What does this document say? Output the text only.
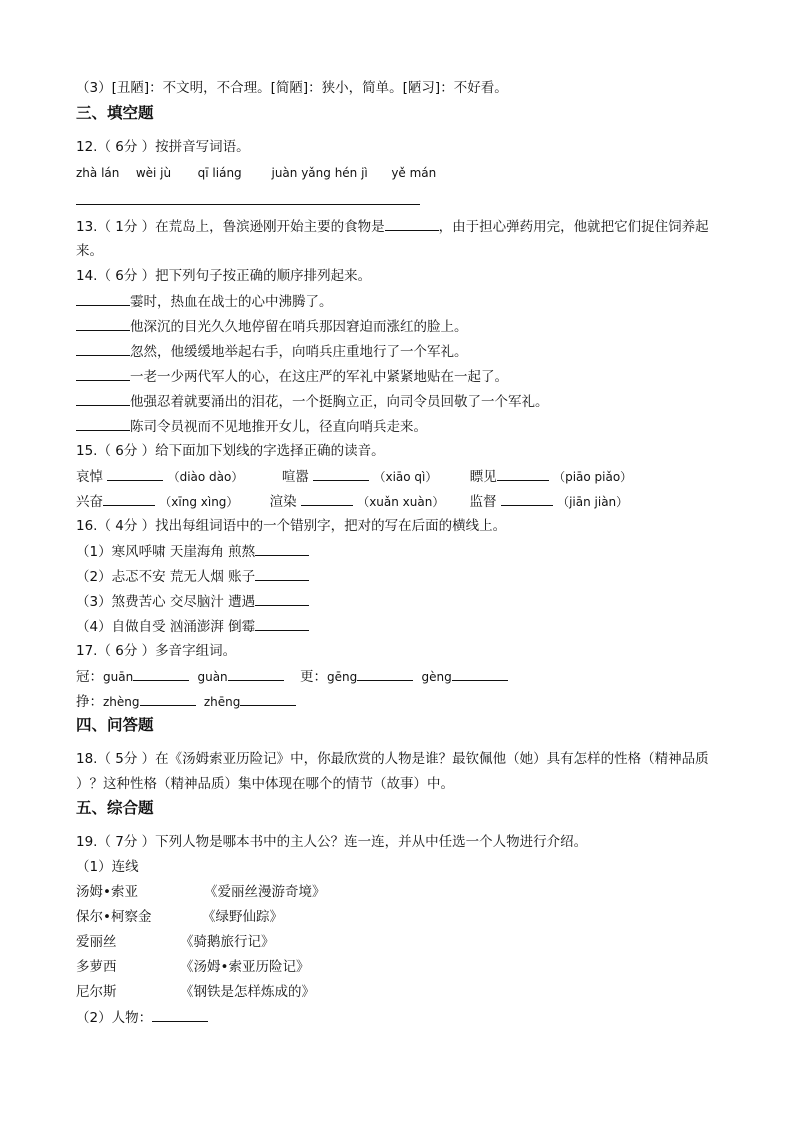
（3）[丑陋]：不文明，不合理。[简陋]：狭小，简单。[陋习]：不好看。
三、填空题
12.（ 6分 ）按拼音写词语。
zhà lán wèi jù qī liáng juàn yǎng hén jì yě mán
13.（ 1分 ）在荒岛上，鲁滨逊刚开始主要的食物是	，由于担心弹药用完，他就把它们捉住饲养起
来。
14.（ 6分 ）把下列句子按正确的顺序排列起来。
霎时，热血在战士的心中沸腾了。
他深沉的目光久久地停留在哨兵那因窘迫而涨红的脸上。
忽然，他缓缓地举起右手，向哨兵庄重地行了一个军礼。
一老一少两代军人的心，在这庄严的军礼中紧紧地贴在一起了。
他强忍着就要涌出的泪花，一个挺胸立正，向司令员回敬了一个军礼。
陈司令员视而不见地推开女儿，径直向哨兵走来。
15.（ 6分 ）给下面加下划线的字选择正确的读音。
哀悼	（diào dào）	喧嚣	（xiāo qì） 瞟见	（piāo piǎo）
兴奋	（xīng xìng） 渲染	（xuǎn xuàn） 监督	（jiān jiàn）
16.（ 4分 ）找出每组词语中的一个错别字，把对的写在后面的横线上。
（1）寒风呼啸 天崖海角 煎熬
（2）忐忑不安 荒无人烟 账子
（3）煞费苦心 交尽脑汁 遭遇
（4）自做自受 汹涌澎湃 倒霉
17.（ 6分 ）多音字组词。
冠：guān	guàn	更：gēng	gèng
挣：zhèng	zhēng
四、问答题
18.（ 5分 ）在《汤姆索亚历险记》中，你最欣赏的人物是谁？最钦佩他（她）具有怎样的性格（精神品质
）？这种性格（精神品质）集中体现在哪个的情节（故事）中。
五、综合题
19.（ 7分 ）下列人物是哪本书中的主人公？连一连，并从中任选一个人物进行介绍。
（1）连线
汤姆•索亚	《爱丽丝漫游奇境》
保尔•柯察金	《绿野仙踪》
爱丽丝	《骑鹅旅行记》
多萝西	《汤姆•索亚历险记》
尼尔斯	《钢铁是怎样炼成的》
（2）人物：
